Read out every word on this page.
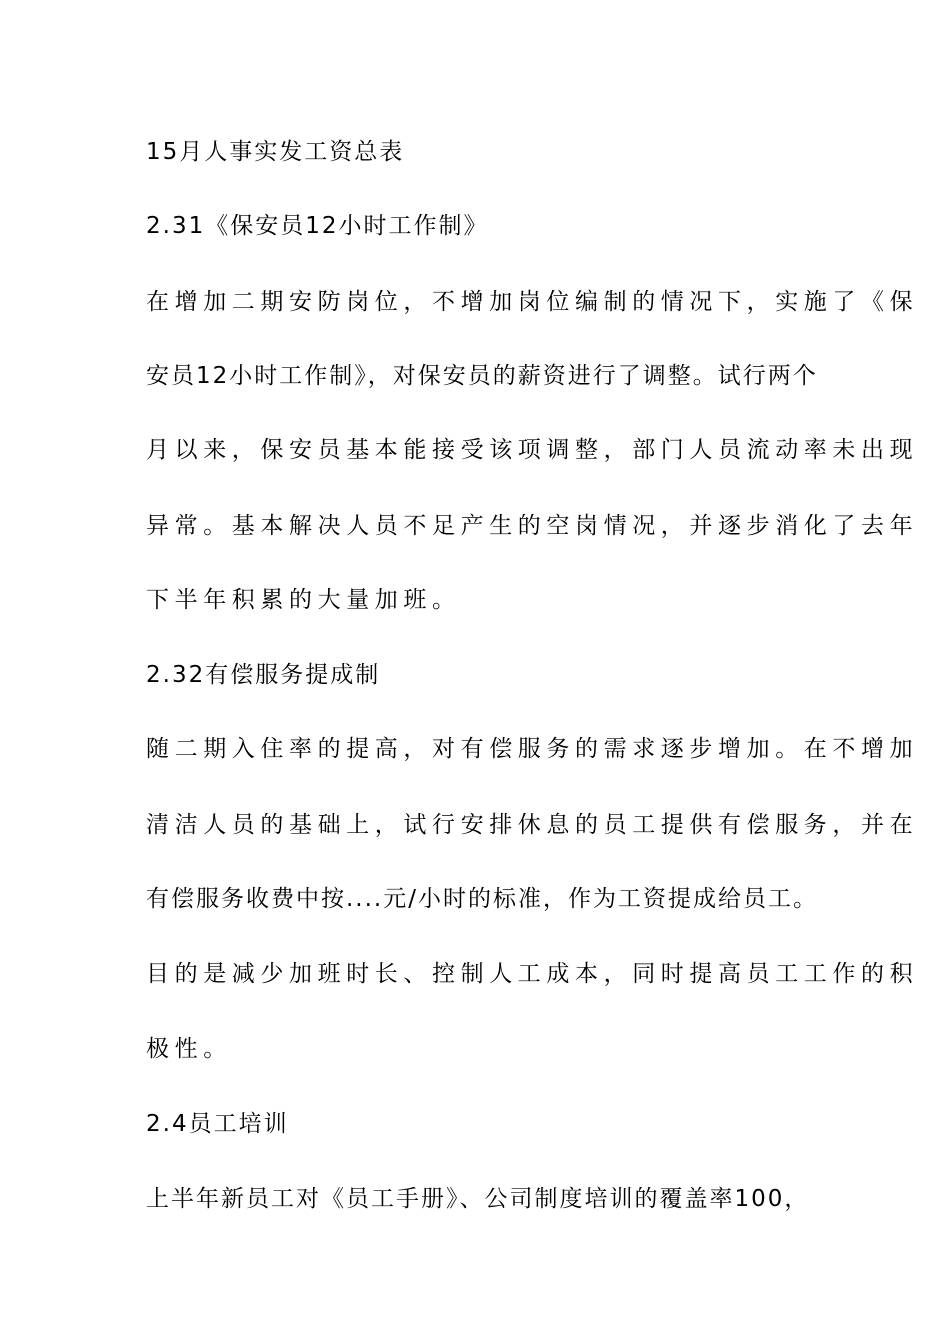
15月人事实发工资总表
2.31《保安员12小时工作制》
在增加二期安防岗位，不增加岗位编制的情况下，实施了《保
安员12小时工作制》，对保安员的薪资进行了调整。试行两个
月以来，保安员基本能接受该项调整，部门人员流动率未出现
异常。基本解决人员不足产生的空岗情况，并逐步消化了去年
下半年积累的大量加班。
2.32有偿服务提成制
随二期入住率的提高，对有偿服务的需求逐步增加。在不增加
清洁人员的基础上，试行安排休息的员工提供有偿服务，并在
有偿服务收费中按....元/小时的标准，作为工资提成给员工。
目的是减少加班时长、控制人工成本，同时提高员工工作的积
极性。
2.4员工培训
上半年新员工对《员工手册》、公司制度培训的覆盖率100，
